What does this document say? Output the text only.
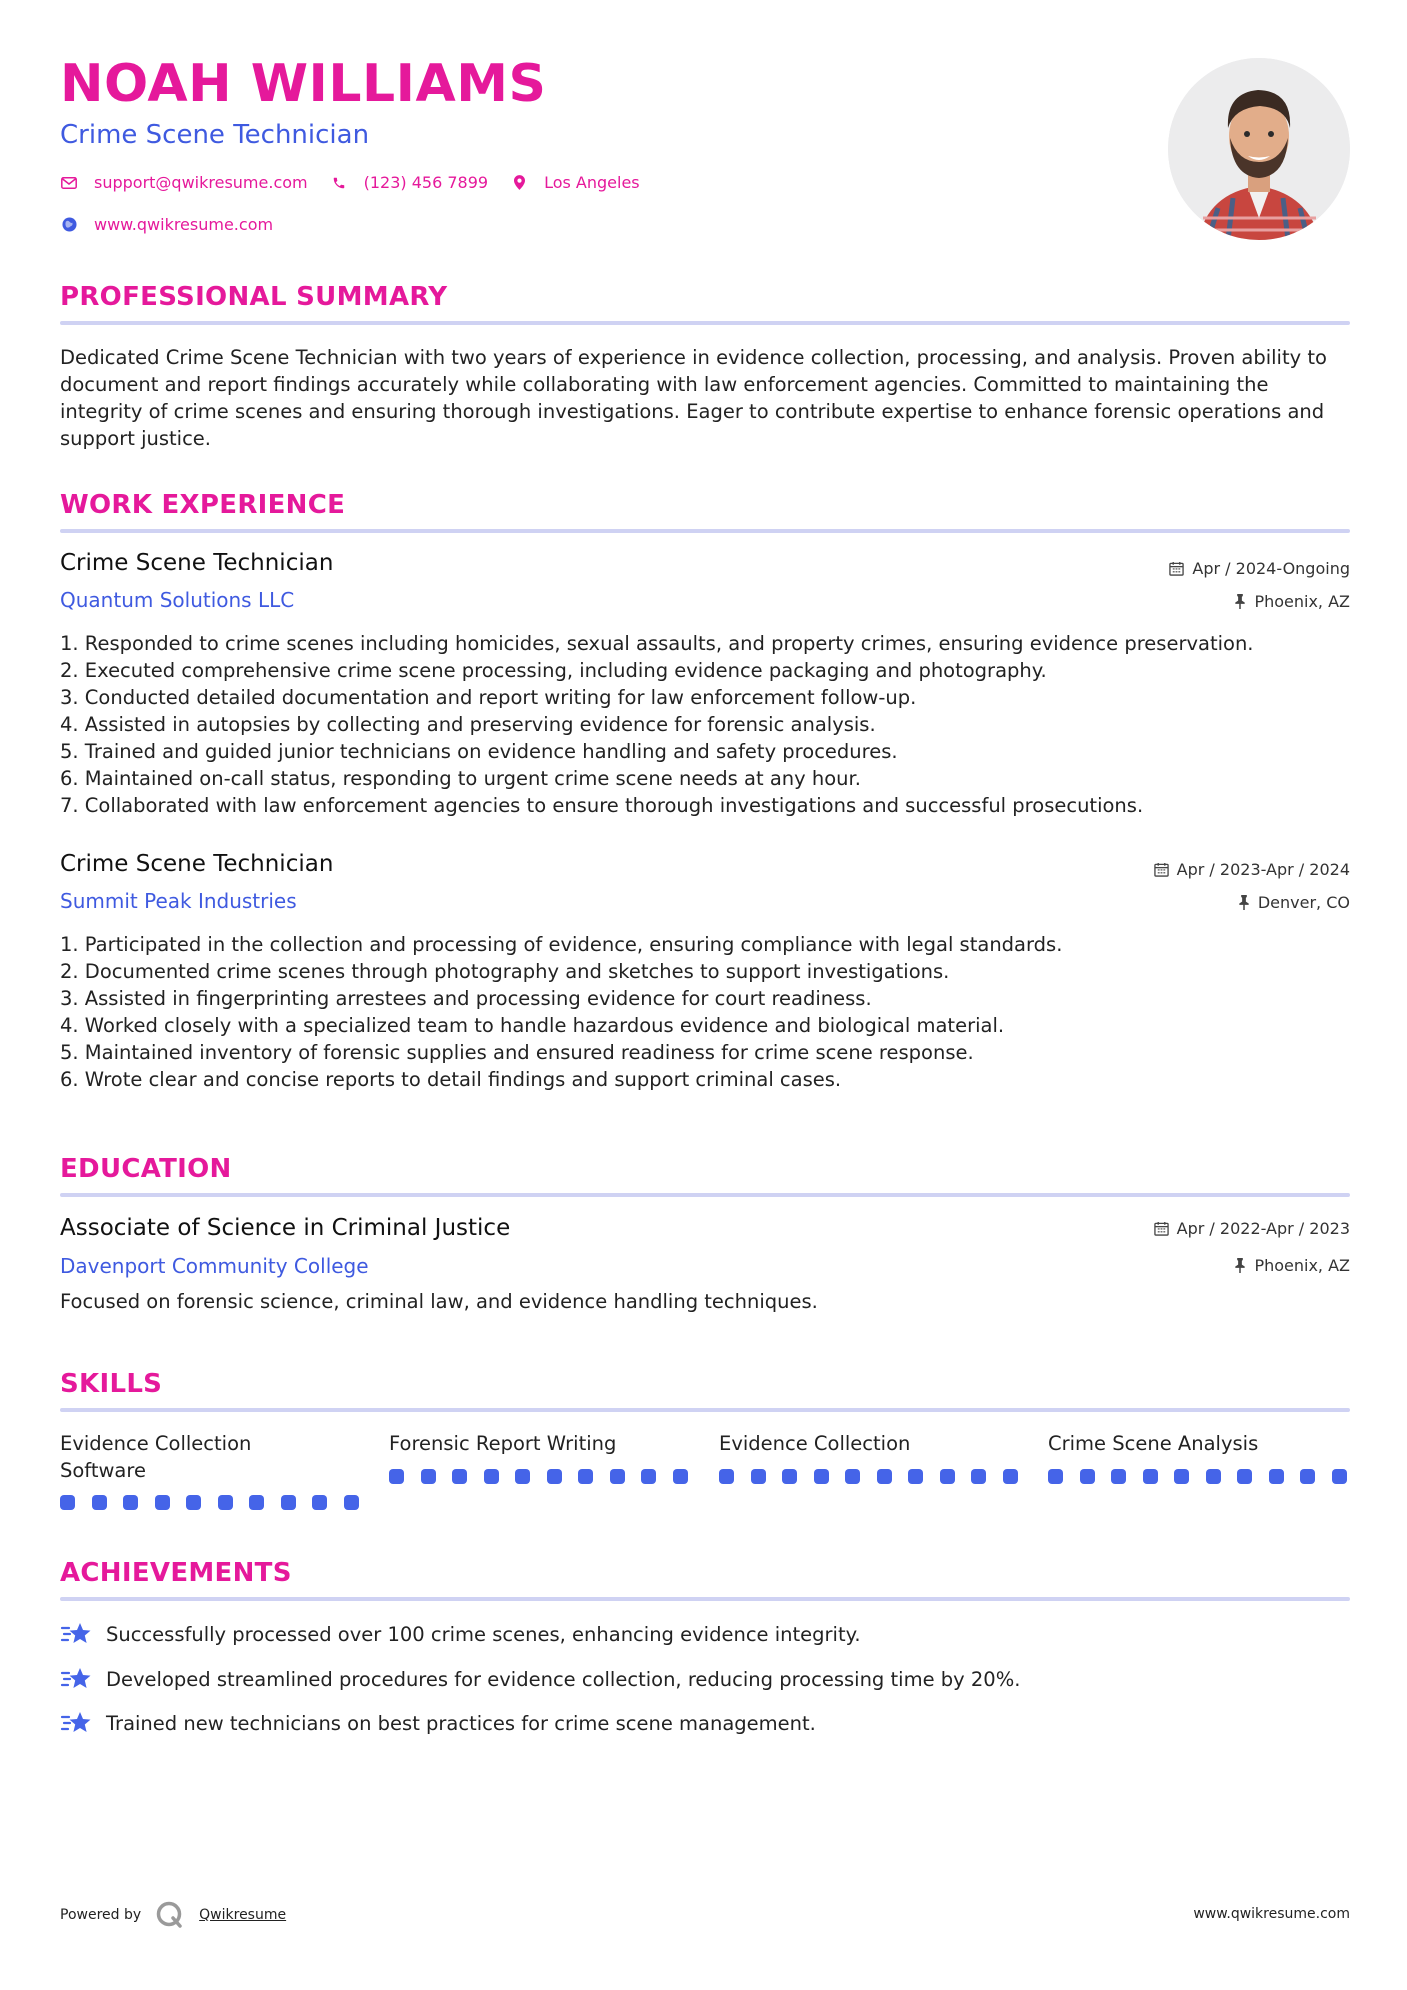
NOAH WILLIAMS
Crime Scene Technician
support@qwikresume.com	(123) 456 7899	Los Angeles
www.qwikresume.com
PROFESSIONAL SUMMARY
Dedicated Crime Scene Technician with two years of experience in evidence collection, processing, and analysis. Proven ability to document and report findings accurately while collaborating with law enforcement agencies. Committed to maintaining the integrity of crime scenes and ensuring thorough investigations. Eager to contribute expertise to enhance forensic operations and support justice.
WORK EXPERIENCE
Crime Scene Technician	Apr / 2024-Ongoing
Quantum Solutions LLC	Phoenix, AZ
1. Responded to crime scenes including homicides, sexual assaults, and property crimes, ensuring evidence preservation.
2. Executed comprehensive crime scene processing, including evidence packaging and photography.
3. Conducted detailed documentation and report writing for law enforcement follow-up.
4. Assisted in autopsies by collecting and preserving evidence for forensic analysis.
5. Trained and guided junior technicians on evidence handling and safety procedures.
6. Maintained on-call status, responding to urgent crime scene needs at any hour.
7. Collaborated with law enforcement agencies to ensure thorough investigations and successful prosecutions.
Crime Scene Technician	Apr / 2023-Apr / 2024
Summit Peak Industries	Denver, CO
1. Participated in the collection and processing of evidence, ensuring compliance with legal standards.
2. Documented crime scenes through photography and sketches to support investigations.
3. Assisted in fingerprinting arrestees and processing evidence for court readiness.
4. Worked closely with a specialized team to handle hazardous evidence and biological material.
5. Maintained inventory of forensic supplies and ensured readiness for crime scene response.
6. Wrote clear and concise reports to detail findings and support criminal cases.
EDUCATION
Associate of Science in Criminal Justice	Apr / 2022-Apr / 2023
Davenport Community College	Phoenix, AZ
Focused on forensic science, criminal law, and evidence handling techniques.
SKILLS
Evidence Collection Software
Forensic Report Writing	Evidence Collection	Crime Scene Analysis
ACHIEVEMENTS
Successfully processed over 100 crime scenes, enhancing evidence integrity.
Developed streamlined procedures for evidence collection, reducing processing time by 20%.
Trained new technicians on best practices for crime scene management.
Powered by	Qwikresume	www.qwikresume.com
